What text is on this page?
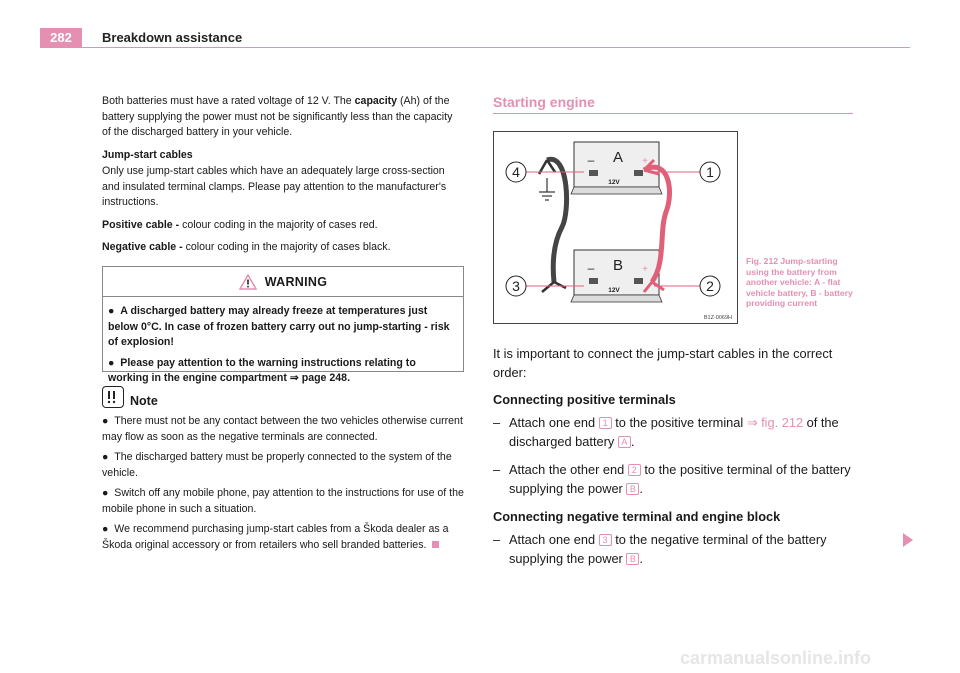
282	Breakdown assistance

Both batteries must have a rated voltage of 12 V. The capacity (Ah) of the battery supplying the power must not be significantly less than the capacity of the discharged battery in your vehicle.

Jump-start cables

Only use jump-start cables which have an adequately large cross-section and insulated terminal clamps. Please pay attention to the manufacturer's instructions.

Positive cable - colour coding in the majority of cases red.

Negative cable - colour coding in the majority of cases black.

WARNING

● A discharged battery may already freeze at temperatures just below 0°C. In case of frozen battery carry out no jump-starting - risk of explosion!

● Please pay attention to the warning instructions relating to working in the engine compartment ⇒ page 248.

Note

● There must not be any contact between the two vehicles otherwise current may flow as soon as the negative terminals are connected.

● The discharged battery must be properly connected to the system of the vehicle.

● Switch off any mobile phone, pay attention to the instructions for use of the mobile phone in such a situation.

● We recommend purchasing jump-start cables from a Škoda dealer as a Škoda original accessory or from retailers who sell branded batteries.

Starting engine
A
12V
–	+
B
12V
–	+
4	1
3	2
B1Z-0069H
Fig. 212 Jump-starting using the battery from another vehicle: A - flat vehicle battery, B - battery providing current

It is important to connect the jump-start cables in the correct order:

Connecting positive terminals
– Attach one end 1 to the positive terminal ⇒ fig. 212 of the discharged battery A .
– Attach the other end 2 to the positive terminal of the battery supplying the power B .
Connecting negative terminal and engine block
– Attach one end 3 to the negative terminal of the battery supplying the power B .
carmanualsonline.info
